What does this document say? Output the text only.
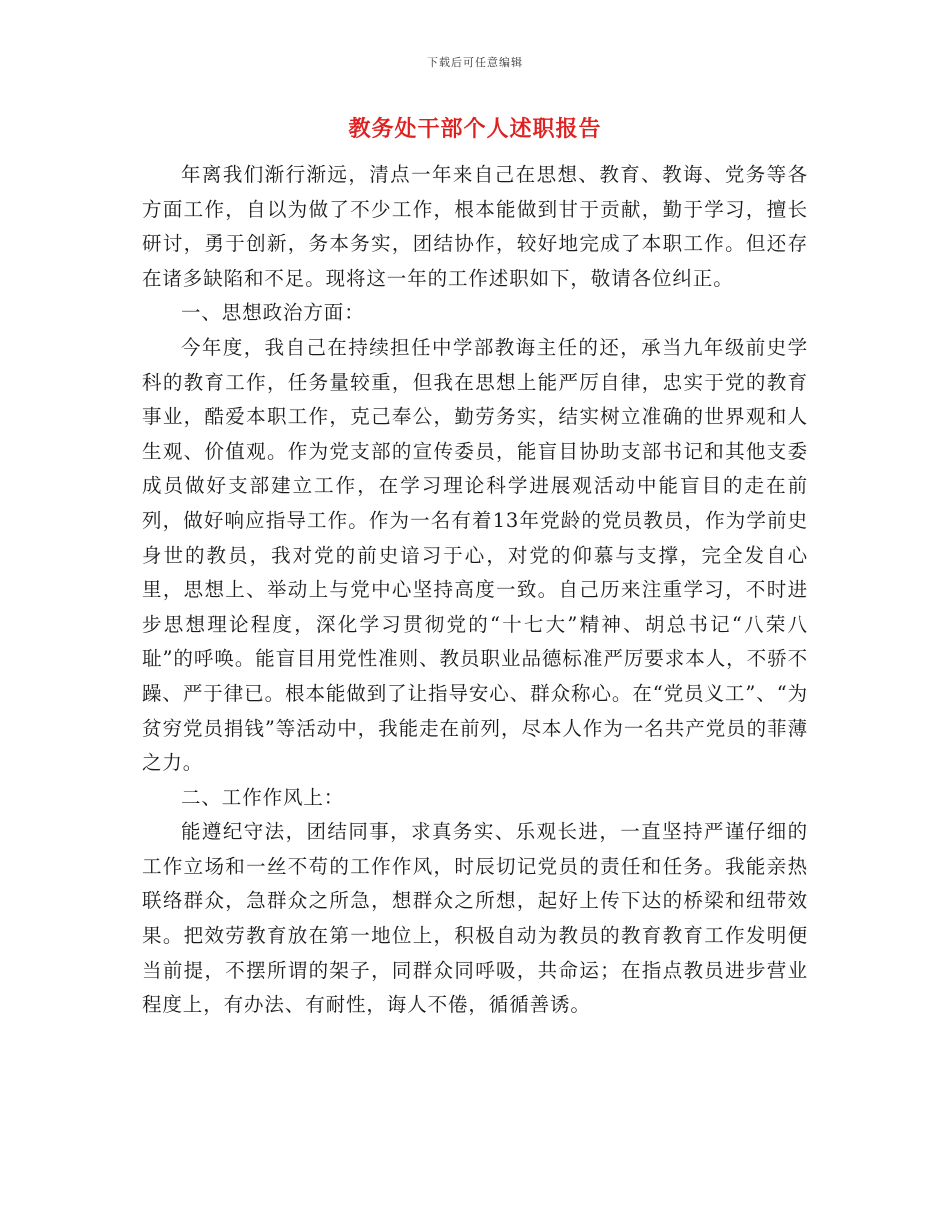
下载后可任意编辑
教务处干部个人述职报告

年离我们渐行渐远，清点一年来自己在思想、教育、教诲、党务等各方面工作，自以为做了不少工作，根本能做到甘于贡献，勤于学习，擅长研讨，勇于创新，务本务实，团结协作，较好地完成了本职工作。但还存在诸多缺陷和不足。现将这一年的工作述职如下，敬请各位纠正。

一、思想政治方面：

今年度，我自己在持续担任中学部教诲主任的还，承当九年级前史学科的教育工作，任务量较重，但我在思想上能严厉自律，忠实于党的教育事业，酷爱本职工作，克己奉公，勤劳务实，结实树立准确的世界观和人生观、价值观。作为党支部的宣传委员，能盲目协助支部书记和其他支委成员做好支部建立工作，在学习理论科学进展观活动中能盲目的走在前列，做好响应指导工作。作为一名有着13年党龄的党员教员，作为学前史身世的教员，我对党的前史谙习于心，对党的仰慕与支撑，完全发自心里，思想上、举动上与党中心坚持高度一致。自己历来注重学习，不时进步思想理论程度，深化学习贯彻党的“十七大”精神、胡总书记“八荣八耻”的呼唤。能盲目用党性准则、教员职业品德标准严厉要求本人，不骄不躁、严于律已。根本能做到了让指导安心、群众称心。在“党员义工”、“为贫穷党员捐钱”等活动中，我能走在前列，尽本人作为一名共产党员的菲薄之力。

二、工作作风上：

能遵纪守法，团结同事，求真务实、乐观长进，一直坚持严谨仔细的工作立场和一丝不苟的工作作风，时辰切记党员的责任和任务。我能亲热联络群众，急群众之所急，想群众之所想，起好上传下达的桥梁和纽带效果。把效劳教育放在第一地位上，积极自动为教员的教育教育工作发明便当前提，不摆所谓的架子，同群众同呼吸，共命运；在指点教员进步营业程度上，有办法、有耐性，诲人不倦，循循善诱。
